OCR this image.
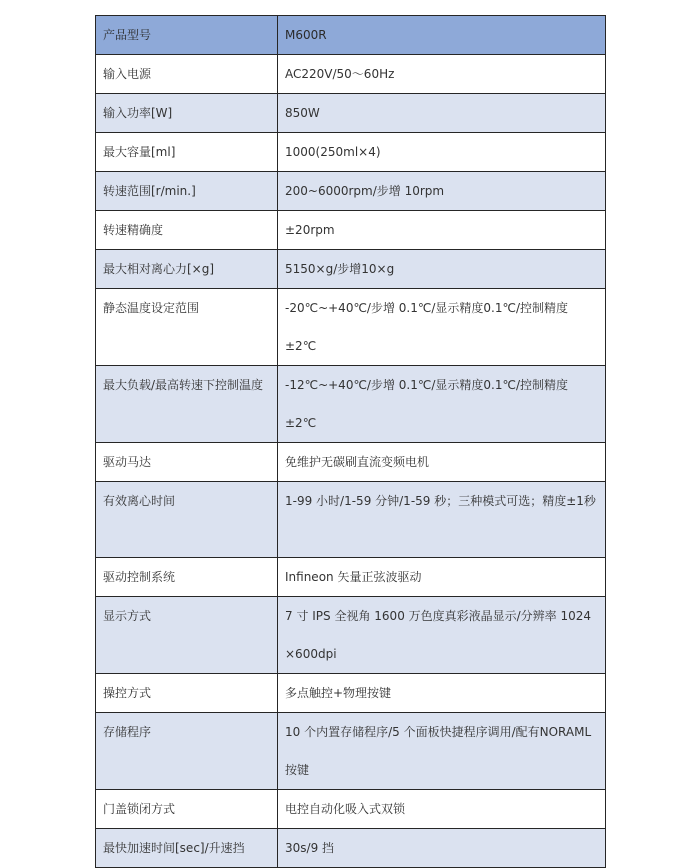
产品型号	M600R
输入电源	AC220V/50～60Hz
输入功率[W]	850W
最大容量[ml]	1000(250ml×4)
转速范围[r/min.]	200~6000rpm/步增 10rpm
转速精确度	±20rpm
最大相对离心力[×g]	5150×g/步增10×g
静态温度设定范围	-20℃~+40℃/步增 0.1℃/显示精度0.1℃/控制精度±2℃
最大负载/最高转速下控制温度	-12℃~+40℃/步增 0.1℃/显示精度0.1℃/控制精度±2℃
驱动马达	免维护无碳刷直流变频电机
有效离心时间	1-99 小时/1-59 分钟/1-59 秒；三种模式可选；精度±1秒
驱动控制系统	Infineon 矢量正弦波驱动
显示方式	7 寸 IPS 全视角 1600 万色度真彩液晶显示/分辨率 1024×600dpi
操控方式	多点触控+物理按键
存储程序	10 个内置存储程序/5 个面板快捷程序调用/配有NORAML按键
门盖锁闭方式	电控自动化吸入式双锁
最快加速时间[sec]/升速挡	30s/9 挡
